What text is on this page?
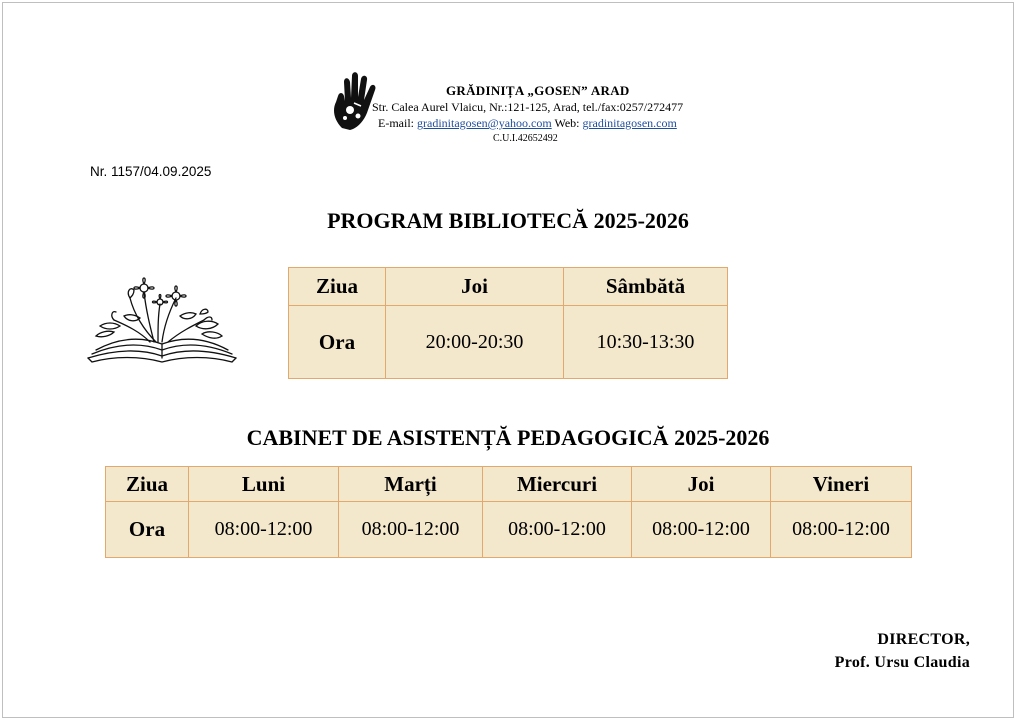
GRĂDINIȚA „GOSEN” ARAD
Str. Calea Aurel Vlaicu, Nr.:121-125, Arad, tel./fax:0257/272477
E-mail: gradinitagosen@yahoo.com Web: gradinitagosen.com
C.U.I.42652492
Nr. 1157/04.09.2025
PROGRAM BIBLIOTECĂ 2025-2026
Ziua	Joi	Sâmbătă
Ora	20:00-20:30	10:30-13:30
CABINET DE ASISTENȚĂ PEDAGOGICĂ 2025-2026
Ziua	Luni	Marți	Miercuri	Joi	Vineri
Ora	08:00-12:00	08:00-12:00	08:00-12:00	08:00-12:00	08:00-12:00
DIRECTOR,
Prof. Ursu Claudia
